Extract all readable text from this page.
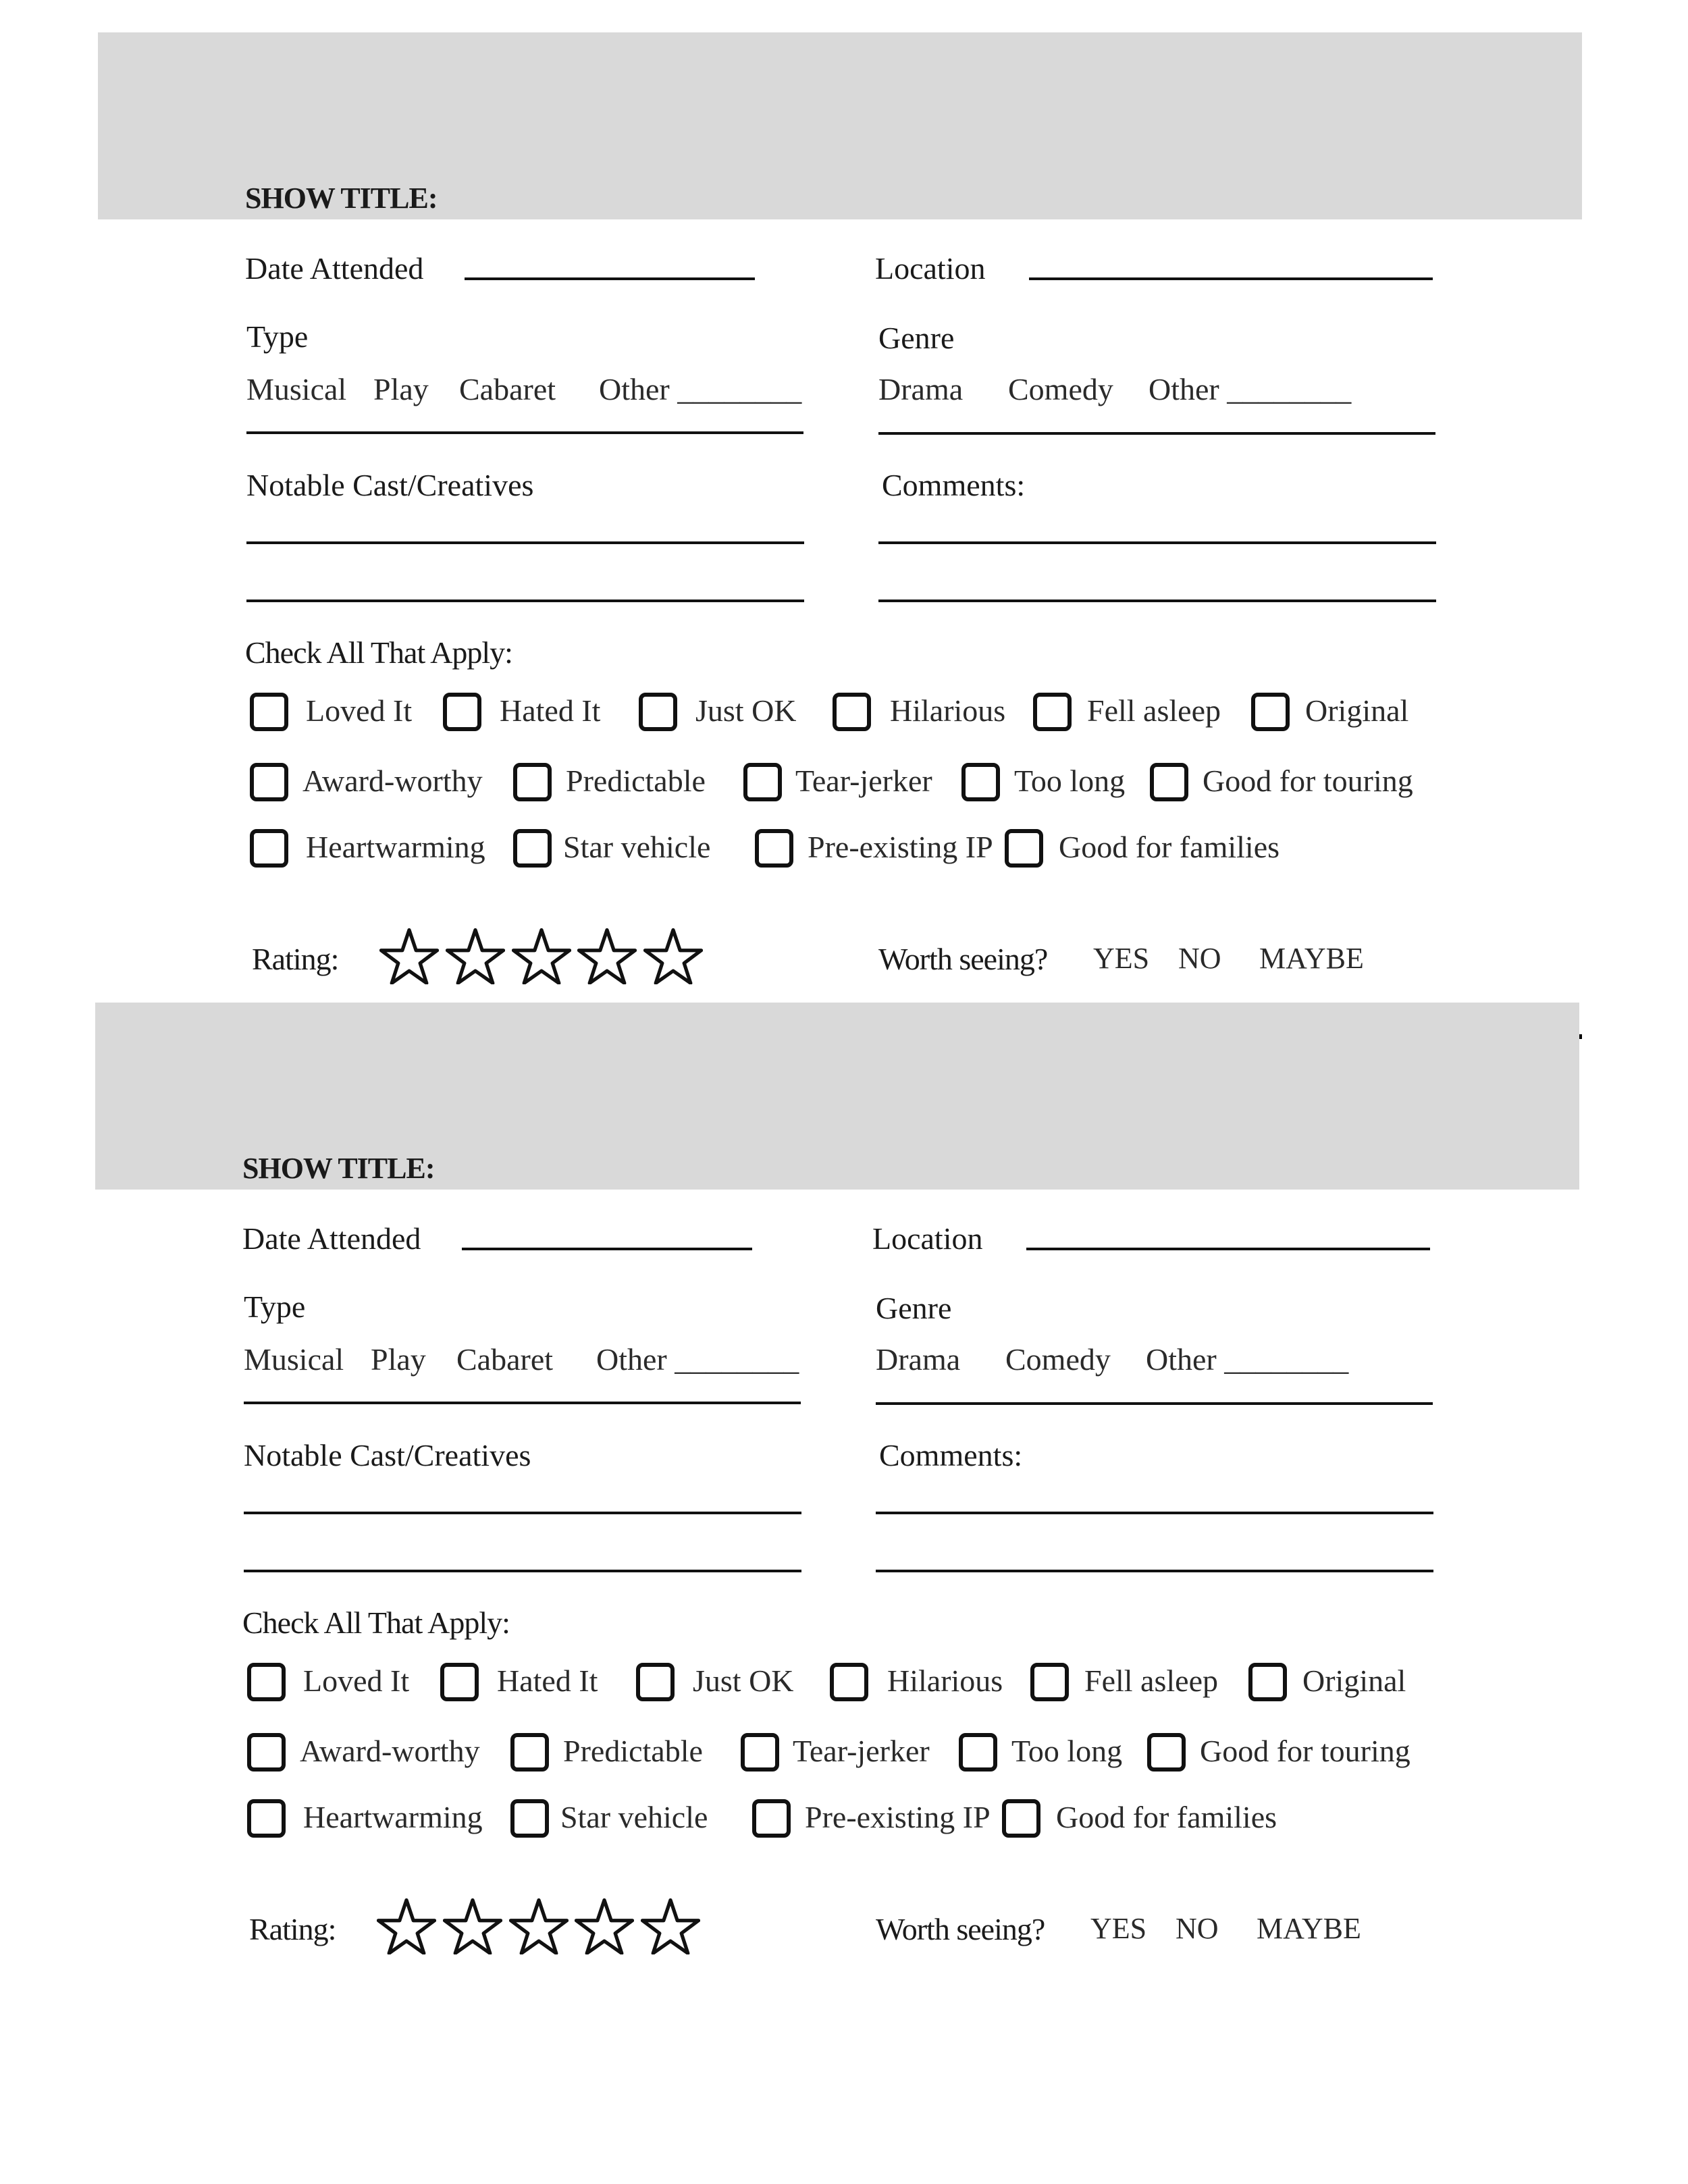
SHOW TITLE:
Date Attended	Location
Type
Musical Play Cabaret Other ________
Genre
Drama Comedy Other ________
Notable Cast/Creatives	Comments:
Check All That Apply:
Loved It	Hated It	Just OK	Hilarious	Fell asleep	Original
Award-worthy	Predictable	Tear-jerker	Too long Good for touring
Heartwarming	Star vehicle	Pre-existing IP Good for families
Rating:	Worth seeing? YES NO MAYBE
SHOW TITLE:
Date Attended	Location
Type
Musical Play Cabaret Other ________
Genre
Drama Comedy Other ________
Notable Cast/Creatives	Comments:
Check All That Apply:
Loved It	Hated It	Just OK	Hilarious	Fell asleep	Original
Award-worthy	Predictable	Tear-jerker	Too long Good for touring
Heartwarming	Star vehicle	Pre-existing IP Good for families
Rating:	Worth seeing? YES NO MAYBE
